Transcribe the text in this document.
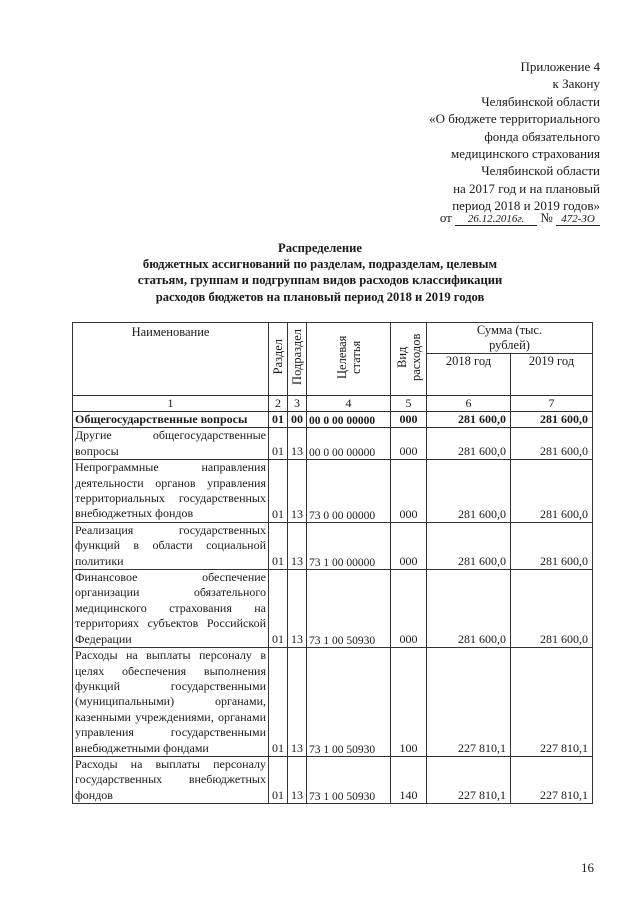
Приложение 4
к Закону
Челябинской области
«О бюджете территориального
фонда обязательного
медицинского страхования
Челябинской области
на 2017 год и на плановый
период 2018 и 2019 годов»
от 26.12.2016г. № 472-ЗО
Распределение
бюджетных ассигнований по разделам, подразделам, целевым
статьям, группам и подгруппам видов расходов классификации
расходов бюджетов на плановый период 2018 и 2019 годов
Наименование	Раздел	Подраздел	Целевая статья	Вид расходов	Сумма (тыс. рублей)	

					2018 год	2019 год
1	2	3	4	5	6	7
Общегосударственные вопросы	01	00	00 0 00 00000	000	281 600,0	281 600,0
Другие общегосударственные вопросы	01	13	00 0 00 00000	000	281 600,0	281 600,0
Непрограммные направления деятельности органов управления территориальных государственных внебюджетных фондов	01	13	73 0 00 00000	000	281 600,0	281 600,0
Реализация государственных функций в области социальной политики	01	13	73 1 00 00000	000	281 600,0	281 600,0
Финансовое обеспечение организации обязательного медицинского страхования на территориях субъектов Российской Федерации	01	13	73 1 00 50930	000	281 600,0	281 600,0
Расходы на выплаты персоналу в целях обеспечения выполнения функций государственными (муниципальными) органами, казенными учреждениями, органами управления государственными внебюджетными фондами	01	13	73 1 00 50930	100	227 810,1	227 810,1
Расходы на выплаты персоналу государственных внебюджетных фондов	01	13	73 1 00 50930	140	227 810,1	227 810,1
16
